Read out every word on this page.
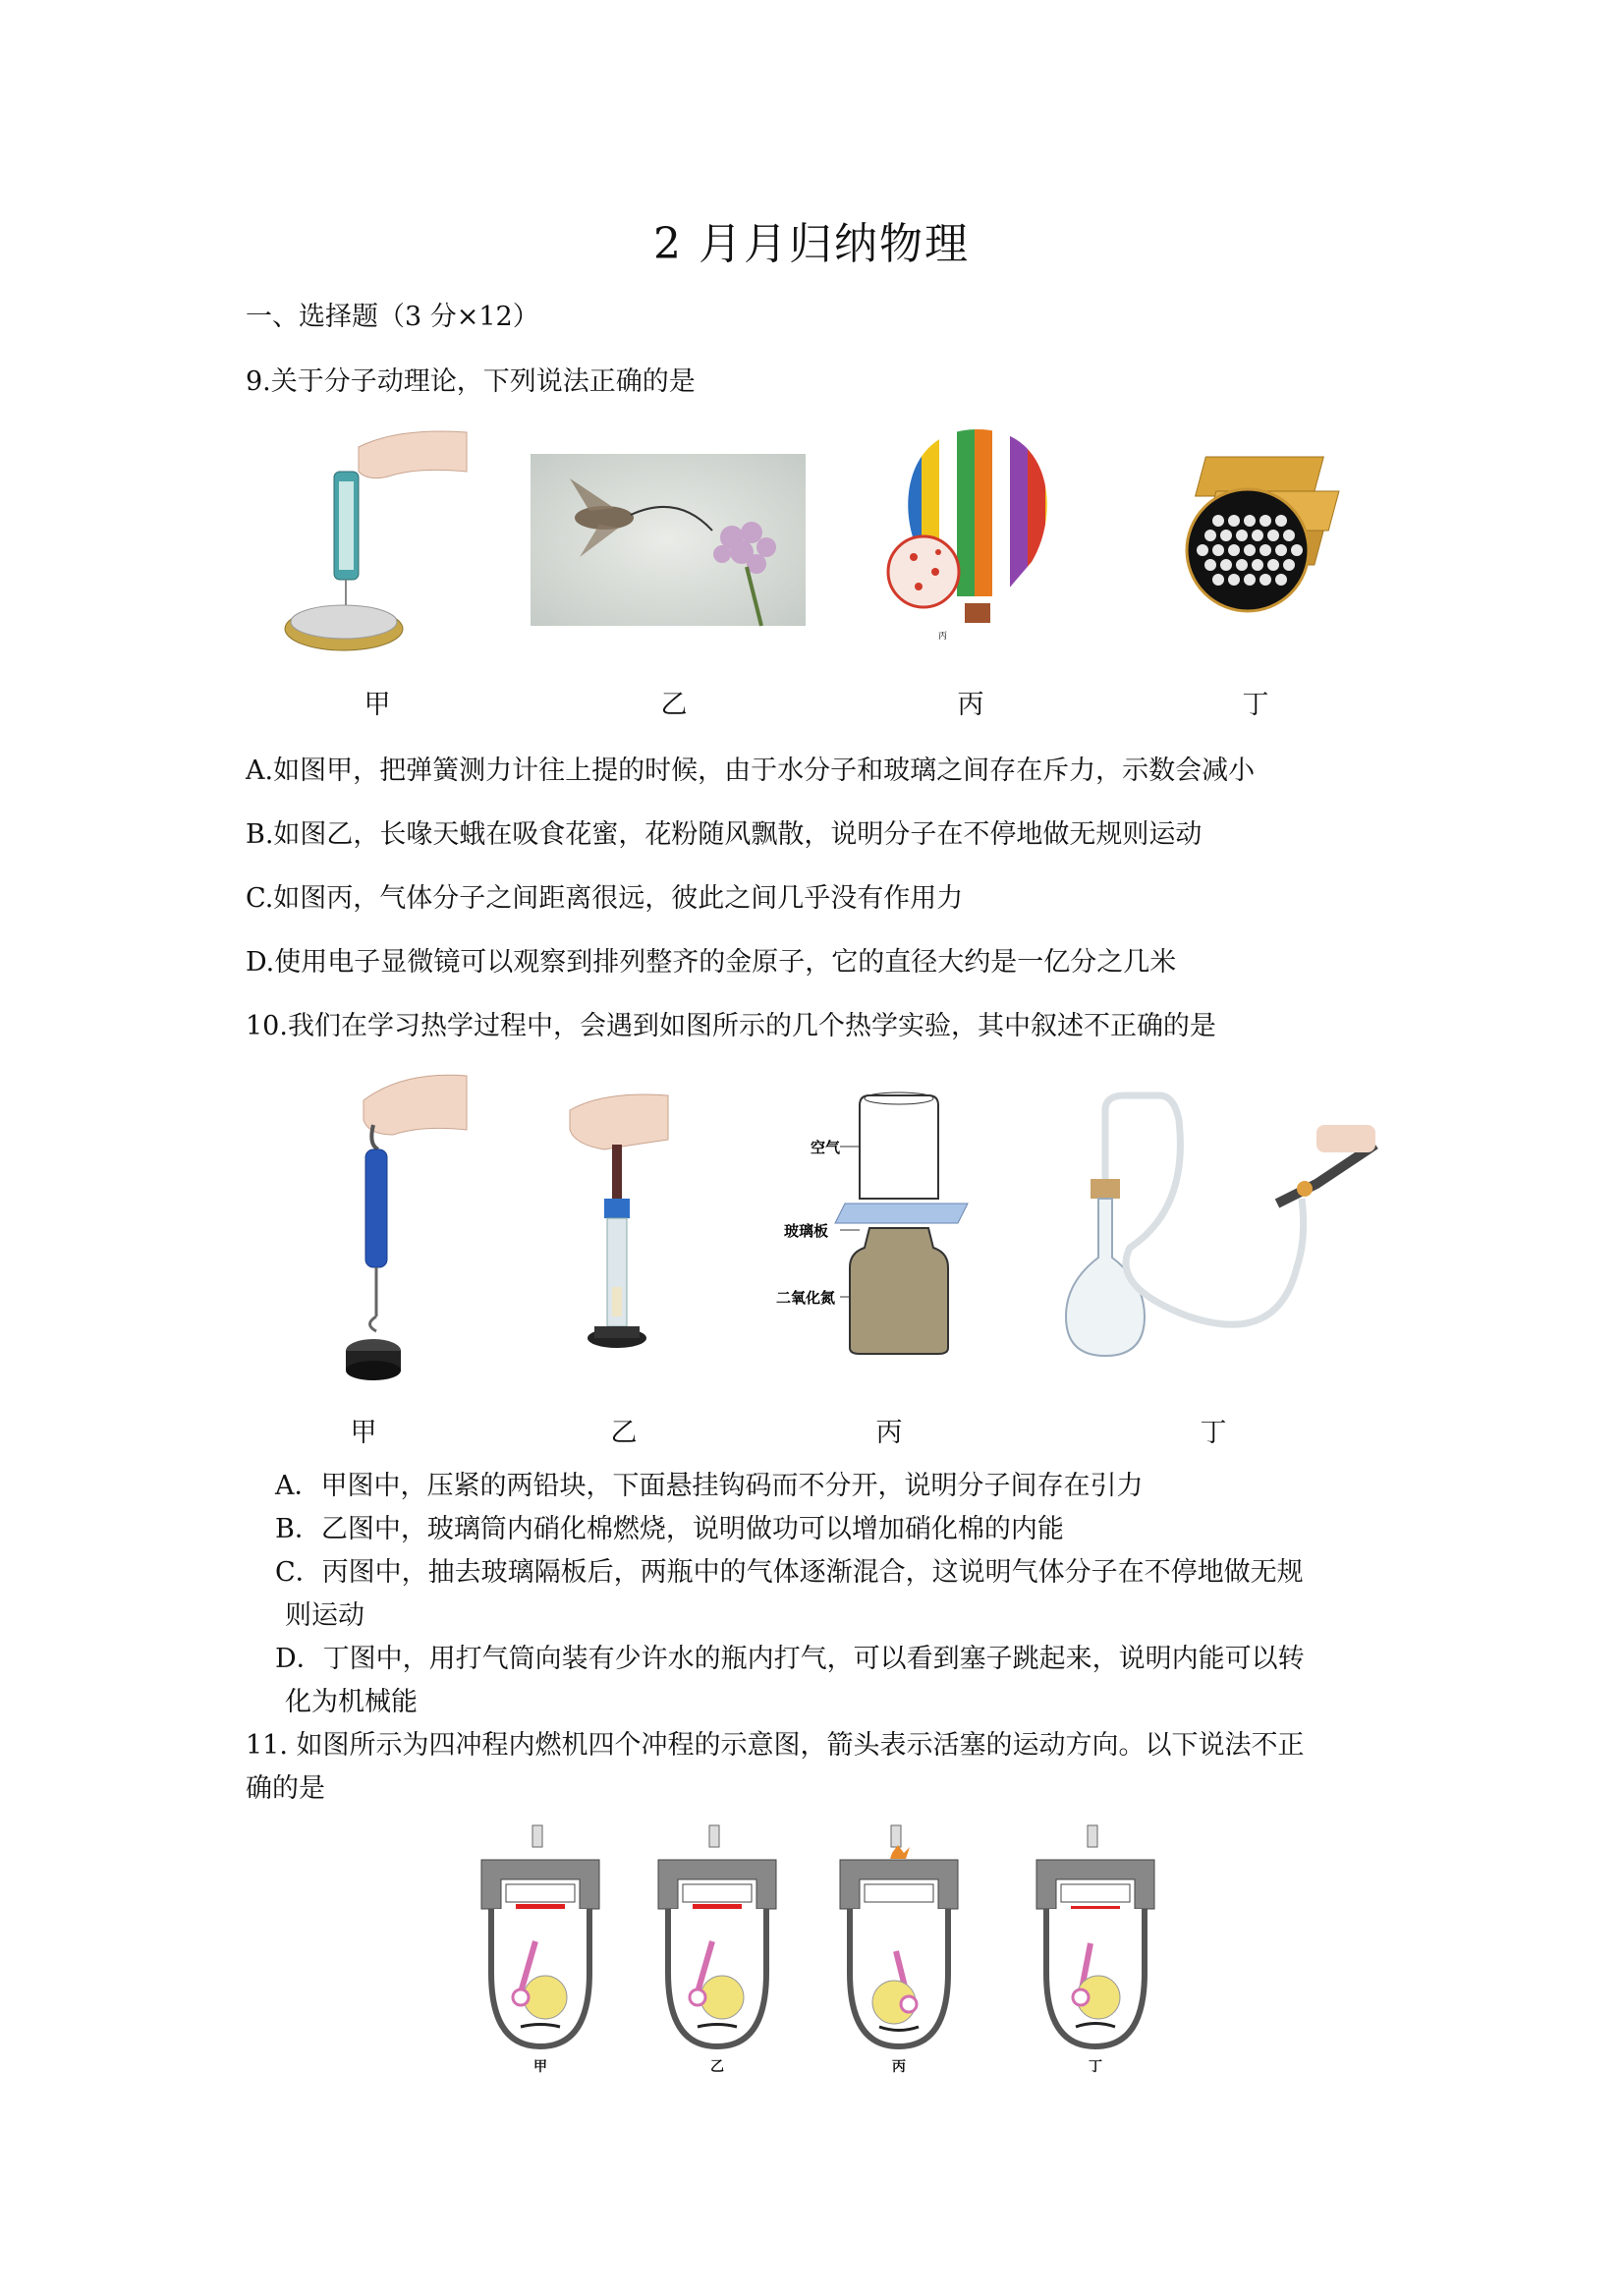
2 月月归纳物理
一、选择题（3 分×12）
9.关于分子动理论，下列说法正确的是
丙
甲	乙	丙	丁
A.如图甲，把弹簧测力计往上提的时候，由于水分子和玻璃之间存在斥力，示数会减小
B.如图乙，长喙天蛾在吸食花蜜，花粉随风飘散，说明分子在不停地做无规则运动
C.如图丙，气体分子之间距离很远，彼此之间几乎没有作用力
D.使用电子显微镜可以观察到排列整齐的金原子，它的直径大约是一亿分之几米
10.我们在学习热学过程中，会遇到如图所示的几个热学实验，其中叙述不正确的是
空气
玻璃板
二氧化氮
甲	乙	丙	丁
A．甲图中，压紧的两铅块，下面悬挂钩码而不分开，说明分子间存在引力
B．乙图中，玻璃筒内硝化棉燃烧，说明做功可以增加硝化棉的内能
C．丙图中，抽去玻璃隔板后，两瓶中的气体逐渐混合，这说明气体分子在不停地做无规
则运动
D．丁图中，用打气筒向装有少许水的瓶内打气，可以看到塞子跳起来，说明内能可以转
化为机械能
11. 如图所示为四冲程内燃机四个冲程的示意图，箭头表示活塞的运动方向。以下说法不正
确的是
甲	乙	丙	丁
